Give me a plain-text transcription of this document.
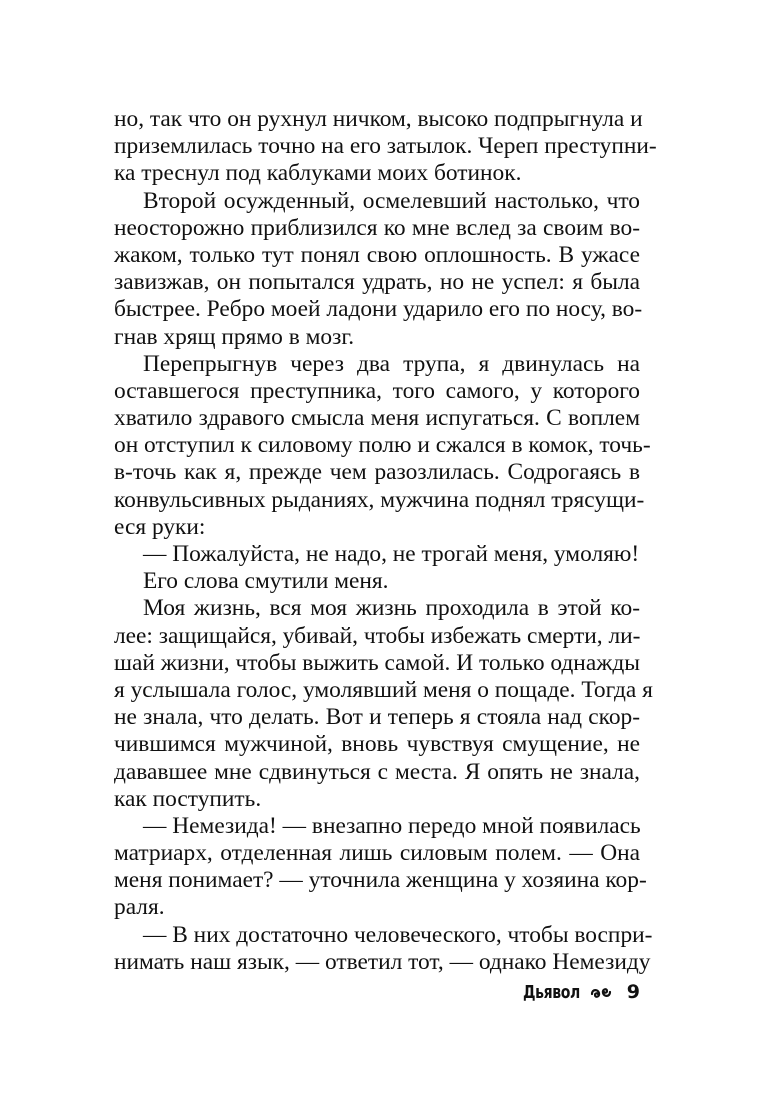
но, так что он рухнул ничком, высоко подпрыгнула и
приземлилась точно на его затылок. Череп преступни-
ка треснул под каблуками моих ботинок.
Второй осужденный, осмелевший настолько, что
неосторожно приблизился ко мне вслед за своим во-
жаком, только тут понял свою оплошность. В ужасе
завизжав, он попытался удрать, но не успел: я была
быстрее. Ребро моей ладони ударило его по носу, во-
гнав хрящ прямо в мозг.
Перепрыгнув через два трупа, я двинулась на
оставшегося преступника, того самого, у которого
хватило здравого смысла меня испугаться. С воплем
он отступил к силовому полю и сжался в комок, точь-
в-точь как я, прежде чем разозлилась. Содрогаясь в
конвульсивных рыданиях, мужчина поднял трясущи-
еся руки:
— Пожалуйста, не надо, не трогай меня, умоляю!
Его слова смутили меня.
Моя жизнь, вся моя жизнь проходила в этой ко-
лее: защищайся, убивай, чтобы избежать смерти, ли-
шай жизни, чтобы выжить самой. И только однажды
я услышала голос, умолявший меня о пощаде. Тогда я
не знала, что делать. Вот и теперь я стояла над скор-
чившимся мужчиной, вновь чувствуя смущение, не
дававшее мне сдвинуться с места. Я опять не знала,
как поступить.
— Немезида! — внезапно передо мной появилась
матриарх, отделенная лишь силовым полем. — Она
меня понимает? — уточнила женщина у хозяина кор-
раля.
— В них достаточно человеческого, чтобы воспри-
нимать наш язык, — ответил тот, — однако Немезиду
Дьявол 9
